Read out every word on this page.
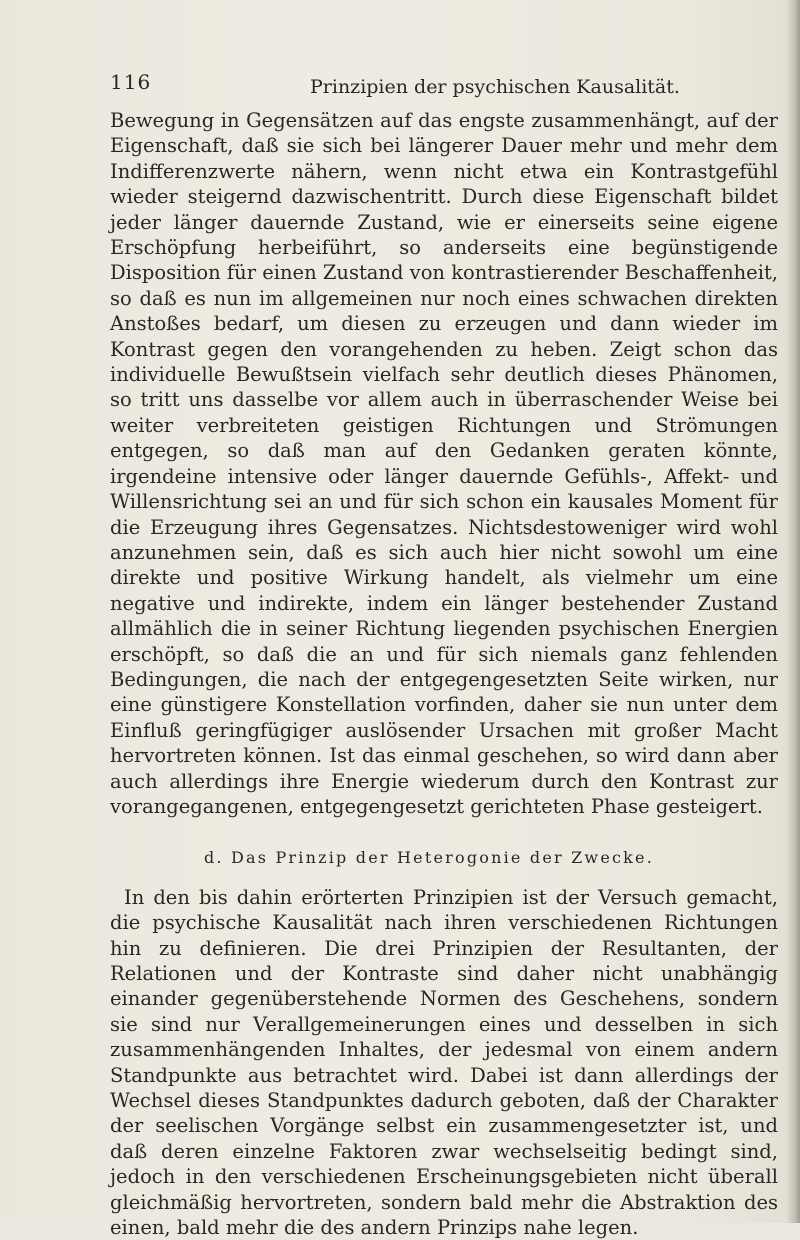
116	Prinzipien der psychischen Kausalität.

Bewegung in Gegensätzen auf das engste zusammenhängt, auf der Eigenschaft, daß sie sich bei längerer Dauer mehr und mehr dem Indifferenzwerte nähern, wenn nicht etwa ein Kontrastgefühl wieder steigernd dazwischentritt. Durch diese Eigenschaft bildet jeder länger dauernde Zustand, wie er einerseits seine eigene Erschöpfung herbeiführt, so anderseits eine begünstigende Disposition für einen Zustand von kontrastierender Beschaffenheit, so daß es nun im allgemeinen nur noch eines schwachen direkten Anstoßes bedarf, um diesen zu erzeugen und dann wieder im Kontrast gegen den vorangehenden zu heben. Zeigt schon das individuelle Bewußtsein vielfach sehr deutlich dieses Phänomen, so tritt uns dasselbe vor allem auch in überraschender Weise bei weiter verbreiteten geistigen Richtungen und Strömungen entgegen, so daß man auf den Gedanken geraten könnte, irgendeine intensive oder länger dauernde Gefühls-, Affekt- und Willensrichtung sei an und für sich schon ein kausales Moment für die Erzeugung ihres Gegensatzes. Nichtsdestoweniger wird wohl anzunehmen sein, daß es sich auch hier nicht sowohl um eine direkte und positive Wirkung handelt, als vielmehr um eine negative und indirekte, indem ein länger bestehender Zustand allmählich die in seiner Richtung liegenden psychischen Energien erschöpft, so daß die an und für sich niemals ganz fehlenden Bedingungen, die nach der entgegengesetzten Seite wirken, nur eine günstigere Konstellation vorfinden, daher sie nun unter dem Einfluß geringfügiger auslösender Ursachen mit großer Macht hervortreten können. Ist das einmal geschehen, so wird dann aber auch allerdings ihre Energie wiederum durch den Kontrast zur vorangegangenen, entgegengesetzt gerichteten Phase gesteigert.

d. Das Prinzip der Heterogonie der Zwecke.

In den bis dahin erörterten Prinzipien ist der Versuch gemacht, die psychische Kausalität nach ihren verschiedenen Richtungen hin zu definieren. Die drei Prinzipien der Resultanten, der Relationen und der Kontraste sind daher nicht unabhängig einander gegenüberstehende Normen des Geschehens, sondern sie sind nur Verallgemeinerungen eines und desselben in sich zusammenhängenden Inhaltes, der jedesmal von einem andern Standpunkte aus betrachtet wird. Dabei ist dann allerdings der Wechsel dieses Standpunktes dadurch geboten, daß der Charakter der seelischen Vorgänge selbst ein zusammengesetzter ist, und daß deren einzelne Faktoren zwar wechselseitig bedingt sind, jedoch in den verschiedenen Erscheinungsgebieten nicht überall gleichmäßig hervortreten, sondern bald mehr die Abstraktion des einen, bald mehr die des andern Prinzips nahe legen.
